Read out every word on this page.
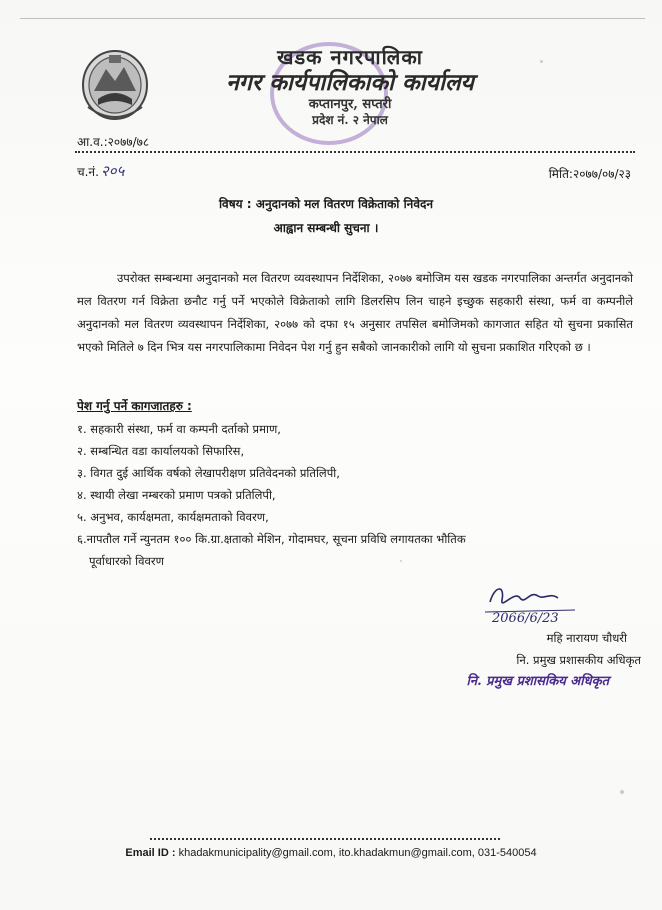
खडक नगरपालिका
नगर कार्यपालिकाको कार्यालय
कप्तानपुर, सप्तरी
प्रदेश नं. २ नेपाल
आ.व.:२०७७/७८
च.नं. २०५	मिति:२०७७/०७/२३
विषय : अनुदानको मल वितरण विक्रेताको निवेदन
आह्वान सम्बन्धी सुचना ।
उपरोक्त सम्बन्धमा अनुदानको मल वितरण व्यवस्थापन निर्देशिका, २०७७ बमोजिम यस खडक नगरपालिका अन्तर्गत अनुदानको मल वितरण गर्न विक्रेता छनौट गर्नु पर्ने भएकोले विक्रेताको लागि डिलरसिप लिन चाहने इच्छुक सहकारी संस्था, फर्म वा कम्पनीले अनुदानको मल वितरण व्यवस्थापन निर्देशिका, २०७७ को दफा १५ अनुसार तपसिल बमोजिमको कागजात सहित यो सुचना प्रकासित भएको मितिले ७ दिन भित्र यस नगरपालिकामा निवेदन पेश गर्नु हुन सबैको जानकारीको लागि यो सुचना प्रकाशित गरिएको छ ।
पेश गर्नु पर्ने कागजातहरु :
१. सहकारी संस्था, फर्म वा कम्पनी दर्ताको प्रमाण,
२. सम्बन्धित वडा कार्यालयको सिफारिस,
३. विगत दुई आर्थिक वर्षको लेखापरीक्षण प्रतिवेदनको प्रतिलिपी,
४. स्थायी लेखा नम्बरको प्रमाण पत्रको प्रतिलिपी,
५. अनुभव, कार्यक्षमता, कार्यक्षमताको विवरण,
६.नापतौल गर्ने न्युनतम १०० कि.ग्रा.क्षताको मेशिन, गोदामघर, सूचना प्रविधि लगायतका भौतिक
पूर्वाधारको विवरण
2066/6/23
महि नारायण चौधरी
नि. प्रमुख प्रशासकीय अधिकृत
नि. प्रमुख प्रशासकिय अधिकृत
Email ID : khadakmunicipality@gmail.com, ito.khadakmun@gmail.com, 031-540054
